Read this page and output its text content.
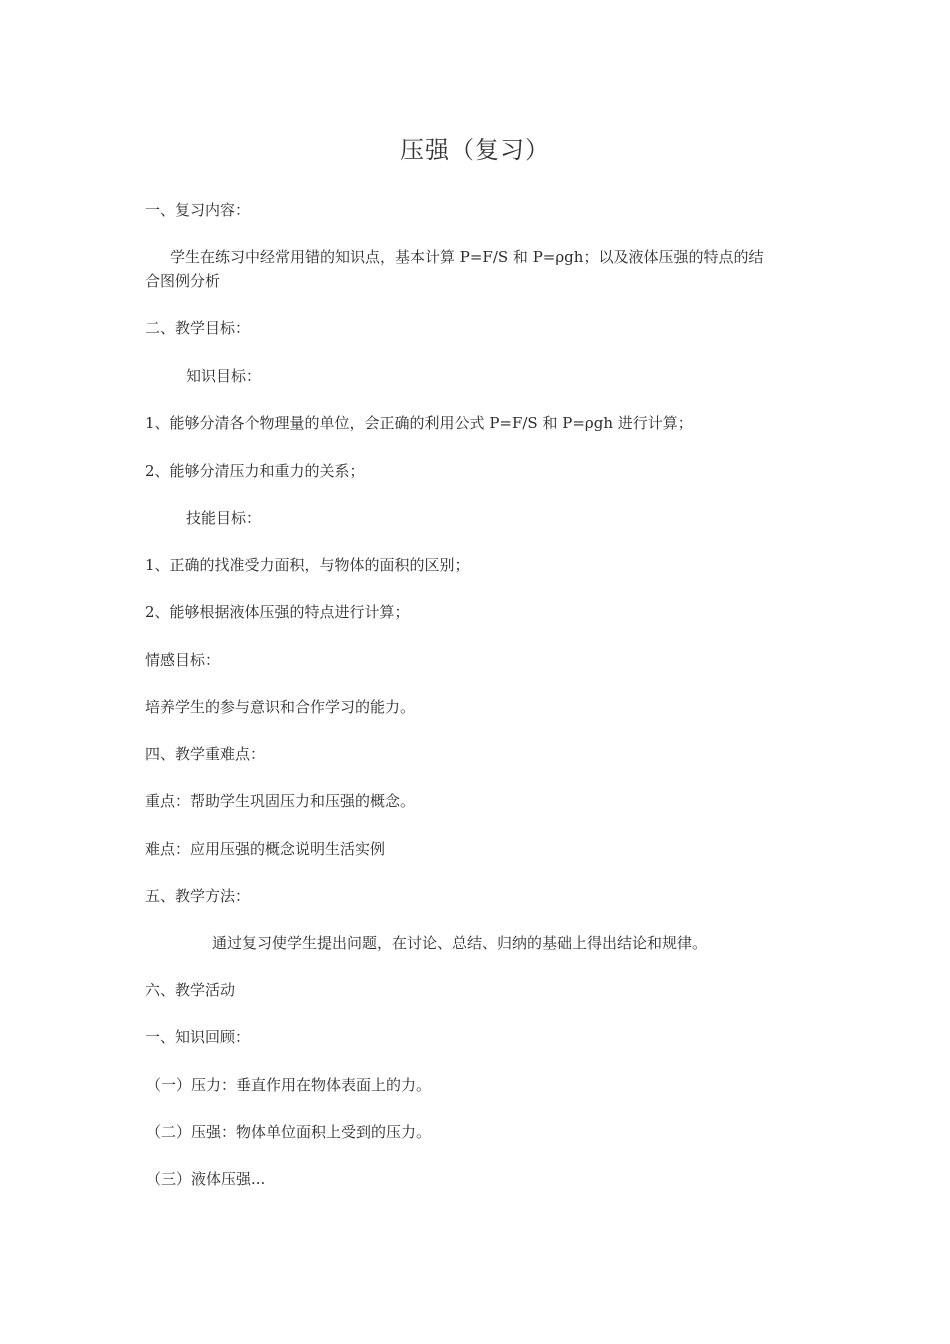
压强（复习）
一、复习内容：
学生在练习中经常用错的知识点，基本计算 P=F/S 和 P=ρgh；以及液体压强的特点的结
合图例分析
二、教学目标：
知识目标：
1、能够分清各个物理量的单位，会正确的利用公式 P=F/S 和 P=ρgh 进行计算；
2、能够分清压力和重力的关系；
技能目标：
1、正确的找准受力面积，与物体的面积的区别；
2、能够根据液体压强的特点进行计算；
情感目标：
培养学生的参与意识和合作学习的能力。
四、教学重难点：
重点：帮助学生巩固压力和压强的概念。
难点：应用压强的概念说明生活实例
五、教学方法：
通过复习使学生提出问题，在讨论、总结、归纳的基础上得出结论和规律。
六、教学活动
一、知识回顾：
（一）压力：垂直作用在物体表面上的力。
（二）压强：物体单位面积上受到的压力。
（三）液体压强...
